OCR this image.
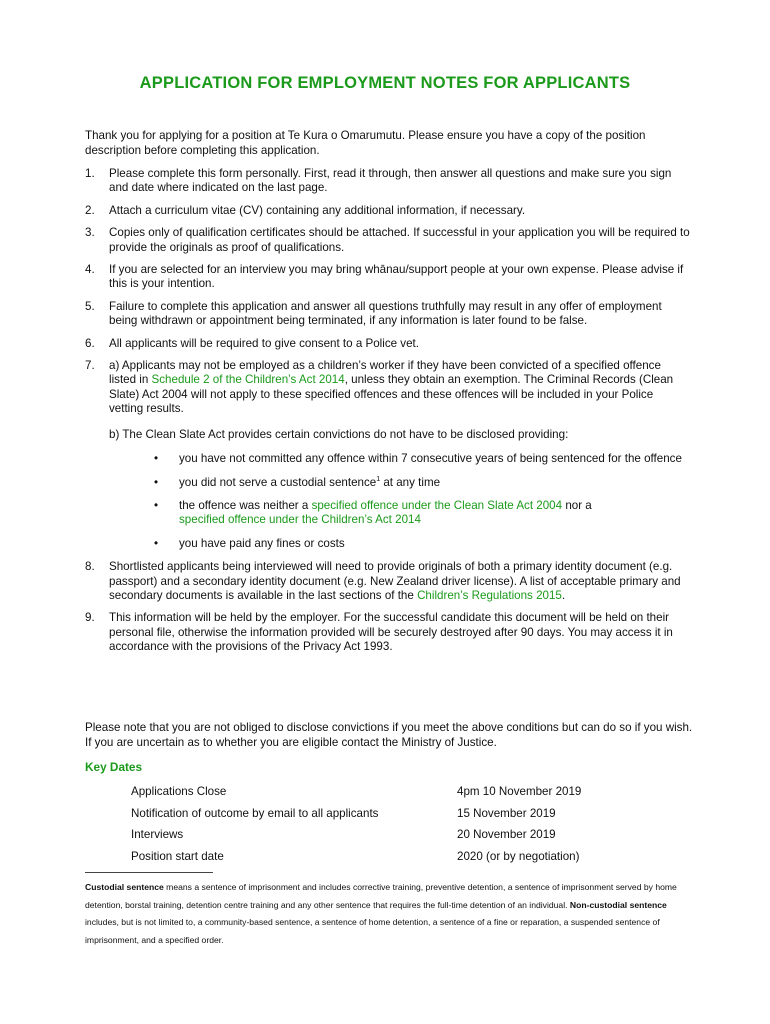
APPLICATION FOR EMPLOYMENT NOTES FOR APPLICANTS
Thank you for applying for a position at Te Kura o Omarumutu. Please ensure you have a copy of the position description before completing this application.
1. Please complete this form personally. First, read it through, then answer all questions and make sure you sign and date where indicated on the last page.
2. Attach a curriculum vitae (CV) containing any additional information, if necessary.
3. Copies only of qualification certificates should be attached. If successful in your application you will be required to provide the originals as proof of qualifications.
4. If you are selected for an interview you may bring whānau/support people at your own expense. Please advise if this is your intention.
5. Failure to complete this application and answer all questions truthfully may result in any offer of employment being withdrawn or appointment being terminated, if any information is later found to be false.
6. All applicants will be required to give consent to a Police vet.
7. a) Applicants may not be employed as a children’s worker if they have been convicted of a specified offence listed in Schedule 2 of the Children’s Act 2014, unless they obtain an exemption. The Criminal Records (Clean Slate) Act 2004 will not apply to these specified offences and these offences will be included in your Police vetting results.
b) The Clean Slate Act provides certain convictions do not have to be disclosed providing:
• you have not committed any offence within 7 consecutive years of being sentenced for the offence
• you did not serve a custodial sentence$^1$ at any time
• the offence was neither a specified offence under the Clean Slate Act 2004 nor a
specified offence under the Children’s Act 2014
• you have paid any fines or costs
8. Shortlisted applicants being interviewed will need to provide originals of both a primary identity document (e.g. passport) and a secondary identity document (e.g. New Zealand driver license). A list of acceptable primary and secondary documents is available in the last sections of the Children’s Regulations 2015.
9. This information will be held by the employer. For the successful candidate this document will be held on their personal file, otherwise the information provided will be securely destroyed after 90 days. You may access it in accordance with the provisions of the Privacy Act 1993.
Please note that you are not obliged to disclose convictions if you meet the above conditions but can do so if you wish. If you are uncertain as to whether you are eligible contact the Ministry of Justice.
Key Dates
Applications Close	4pm 10 November 2019
Notification of outcome by email to all applicants	15 November 2019
Interviews	20 November 2019
Position start date	2020 (or by negotiation)
Custodial sentence means a sentence of imprisonment and includes corrective training, preventive detention, a sentence of imprisonment served by home detention, borstal training, detention centre training and any other sentence that requires the full-time detention of an individual. Non-custodial sentence includes, but is not limited to, a community-based sentence, a sentence of home detention, a sentence of a fine or reparation, a suspended sentence of imprisonment, and a specified order.
